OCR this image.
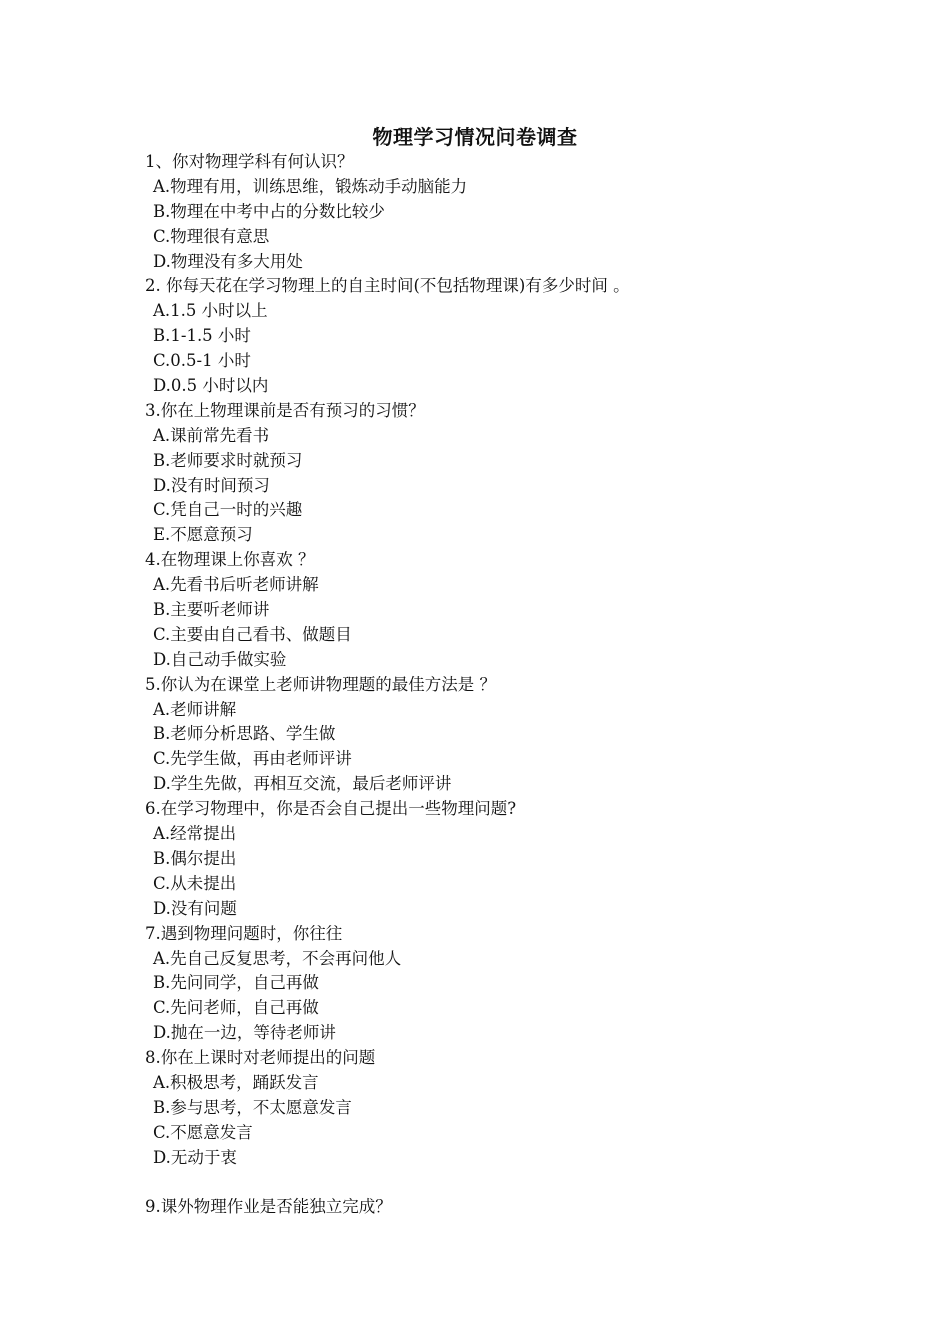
物理学习情况问卷调查
1、你对物理学科有何认识？
A.物理有用，训练思维，锻炼动手动脑能力
B.物理在中考中占的分数比较少
C.物理很有意思
D.物理没有多大用处
2. 你每天花在学习物理上的自主时间(不包括物理课)有多少时间 。
A.1.5 小时以上
B.1-1.5 小时
C.0.5-1 小时
D.0.5 小时以内
3.你在上物理课前是否有预习的习惯？
A.课前常先看书
B.老师要求时就预习
D.没有时间预习
C.凭自己一时的兴趣
E.不愿意预习
4.在物理课上你喜欢 ？
A.先看书后听老师讲解
B.主要听老师讲
C.主要由自己看书、做题目
D.自己动手做实验
5.你认为在课堂上老师讲物理题的最佳方法是 ？
A.老师讲解
B.老师分析思路、学生做
C.先学生做，再由老师评讲
D.学生先做，再相互交流，最后老师评讲
6.在学习物理中，你是否会自己提出一些物理问题?
A.经常提出
B.偶尔提出
C.从未提出
D.没有问题
7.遇到物理问题时，你往往
A.先自己反复思考，不会再问他人
B.先问同学，自己再做
C.先问老师，自己再做
D.抛在一边，等待老师讲
8.你在上课时对老师提出的问题
A.积极思考，踊跃发言
B.参与思考，不太愿意发言
C.不愿意发言
D.无动于衷
9.课外物理作业是否能独立完成？
